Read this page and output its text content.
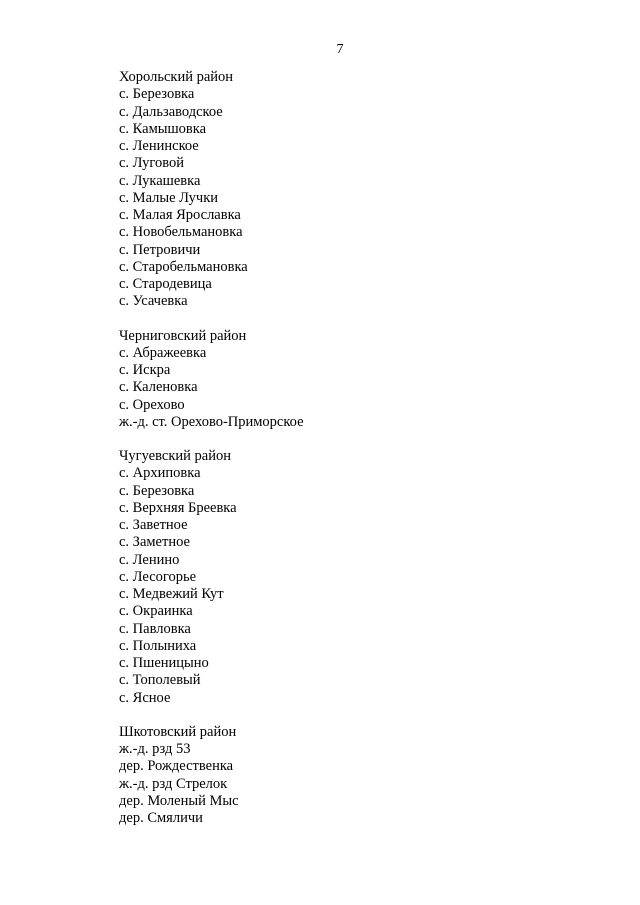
7
Хорольский район
с. Березовка
с. Дальзаводское
с. Камышовка
с. Ленинское
с. Луговой
с. Лукашевка
с. Малые Лучки
с. Малая Ярославка
с. Новобельмановка
с. Петровичи
с. Старобельмановка
с. Стародевица
с. Усачевка
Черниговский район
с. Абражеевка
с. Искра
с. Каленовка
с. Орехово
ж.-д. ст. Орехово-Приморское
Чугуевский район
с. Архиповка
с. Березовка
с. Верхняя Бреевка
с. Заветное
с. Заметное
с. Ленино
с. Лесогорье
с. Медвежий Кут
с. Окраинка
с. Павловка
с. Полыниха
с. Пшеницыно
с. Тополевый
с. Ясное
Шкотовский район
ж.-д. рзд 53
дер. Рождественка
ж.-д. рзд Стрелок
дер. Моленый Мыс
дер. Смяличи
